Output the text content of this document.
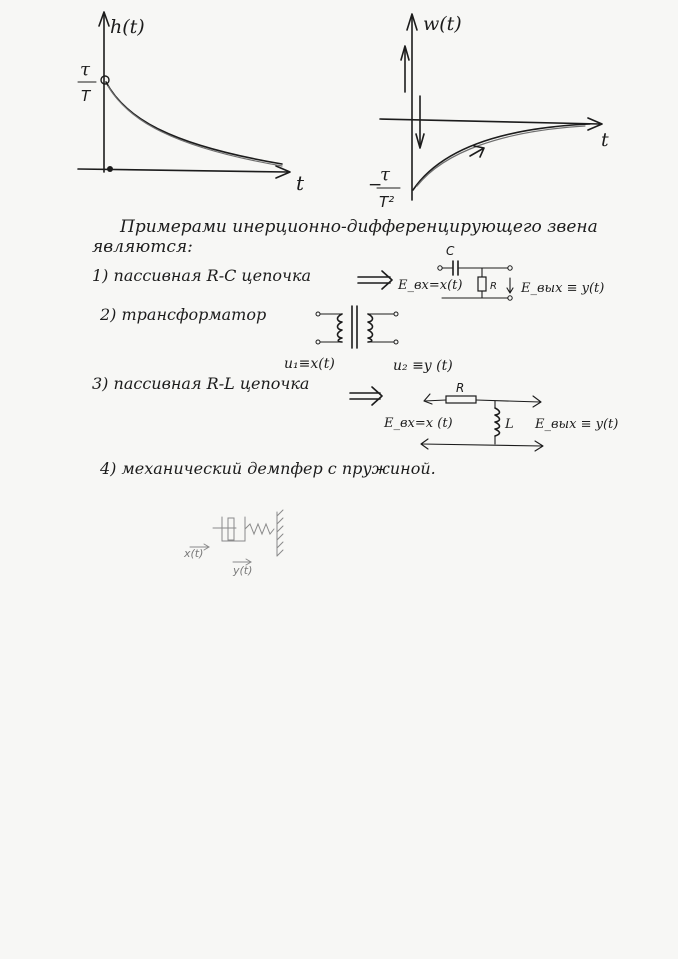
h(t)
t
τ
T
w(t)
t
−
τ
T²
Примерами инерционно-дифференцирующего звена
являются:
1) пассивная R-C цепочка
C
R
E_вх=x(t)	E_вых ≡ y(t)
2) трансформатор
u₁≡x(t)	u₂ ≡y (t)
3) пассивная R-L цепочка	R
L
E_вх=x (t)	E_вых ≡ y(t)
4) механический демпфер с пружиной.
x(t)
y(t)
